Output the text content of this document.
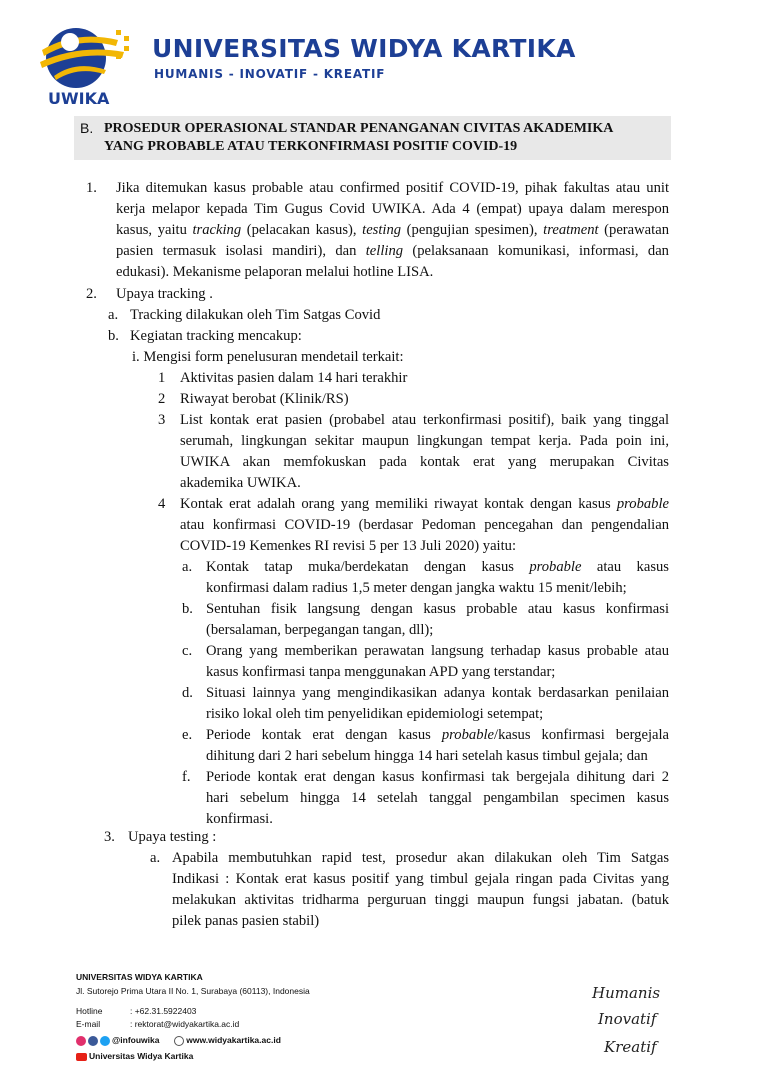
UWIKA
UNIVERSITAS WIDYA KARTIKA
HUMANIS - INOVATIF - KREATIF
B. PROSEDUR OPERASIONAL STANDAR PENANGANAN CIVITAS AKADEMIKA
YANG PROBABLE ATAU TERKONFIRMASI POSITIF COVID-19
1. Jika ditemukan kasus probable atau confirmed positif COVID-19, pihak fakultas atau unit
kerja melapor kepada Tim Gugus Covid UWIKA. Ada 4 (empat) upaya dalam merespon
kasus, yaitu tracking (pelacakan kasus), testing (pengujian spesimen), treatment (perawatan
pasien termasuk isolasi mandiri), dan telling (pelaksanaan komunikasi, informasi, dan
edukasi). Mekanisme pelaporan melalui hotline LISA.
2. Upaya tracking .
a. Tracking dilakukan oleh Tim Satgas Covid
b. Kegiatan tracking mencakup:
i. Mengisi form penelusuran mendetail terkait:
1 Aktivitas pasien dalam 14 hari terakhir
2 Riwayat berobat (Klinik/RS)
3 List kontak erat pasien (probabel atau terkonfirmasi positif), baik yang tinggal
serumah, lingkungan sekitar maupun lingkungan tempat kerja. Pada poin ini,
UWIKA akan memfokuskan pada kontak erat yang merupakan Civitas
akademika UWIKA.
4 Kontak erat adalah orang yang memiliki riwayat kontak dengan kasus probable
atau konfirmasi COVID-19 (berdasar Pedoman pencegahan dan pengendalian
COVID-19 Kemenkes RI revisi 5 per 13 Juli 2020) yaitu:
a. Kontak tatap muka/berdekatan dengan kasus probable atau kasus
konfirmasi dalam radius 1,5 meter dengan jangka waktu 15 menit/lebih;
b. Sentuhan fisik langsung dengan kasus probable atau kasus konfirmasi
(bersalaman, berpegangan tangan, dll);
c. Orang yang memberikan perawatan langsung terhadap kasus probable atau
kasus konfirmasi tanpa menggunakan APD yang terstandar;
d. Situasi lainnya yang mengindikasikan adanya kontak berdasarkan penilaian
risiko lokal oleh tim penyelidikan epidemiologi setempat;
e. Periode kontak erat dengan kasus probable/kasus konfirmasi bergejala
dihitung dari 2 hari sebelum hingga 14 hari setelah kasus timbul gejala; dan
f. Periode kontak erat dengan kasus konfirmasi tak bergejala dihitung dari 2
hari sebelum hingga 14 setelah tanggal pengambilan specimen kasus
konfirmasi.
3. Upaya testing :
a. Apabila membutuhkan rapid test, prosedur akan dilakukan oleh Tim Satgas
Indikasi : Kontak erat kasus positif yang timbul gejala ringan pada Civitas yang
melakukan aktivitas tridharma perguruan tinggi maupun fungsi jabatan. (batuk
pilek panas pasien stabil)
UNIVERSITAS WIDYA KARTIKA
Jl. Sutorejo Prima Utara II No. 1, Surabaya (60113), Indonesia
Hotline	: +62.31.5922403
E-mail	: rektorat@widyakartika.ac.id
@infouwika	www.widyakartika.ac.id
Universitas Widya Kartika
Humanis
Inovatif
Kreatif
